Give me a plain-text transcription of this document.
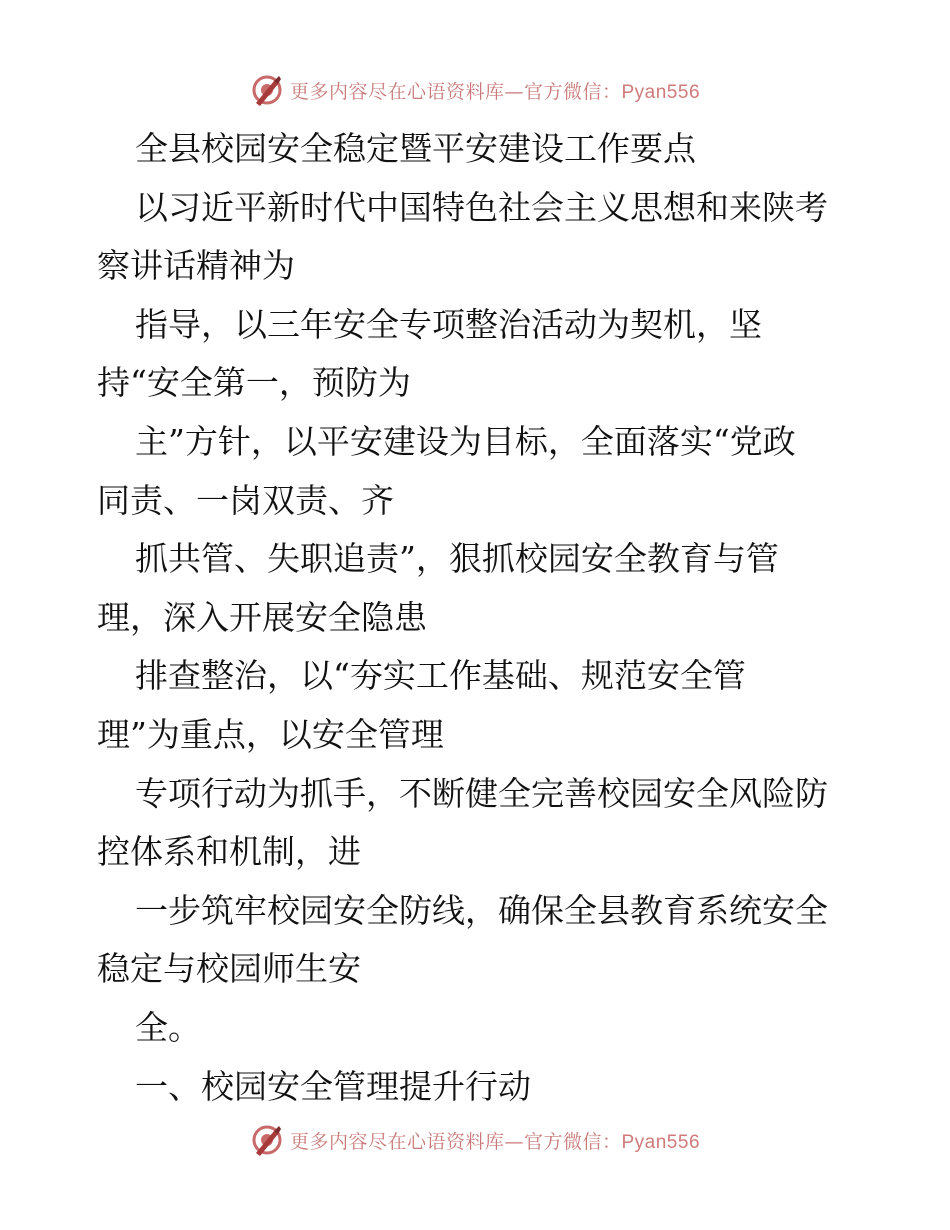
更多内容尽在心语资料库—官方微信：Pyan556
全县校园安全稳定暨平安建设工作要点
以习近平新时代中国特色社会主义思想和来陕考
察讲话精神为
指导，以三年安全专项整治活动为契机，坚
持“安全第一，预防为
主”方针，以平安建设为目标，全面落实“党政
同责、一岗双责、齐
抓共管、失职追责”，狠抓校园安全教育与管
理，深入开展安全隐患
排查整治，以“夯实工作基础、规范安全管
理”为重点，以安全管理
专项行动为抓手，不断健全完善校园安全风险防
控体系和机制，进
一步筑牢校园安全防线，确保全县教育系统安全
稳定与校园师生安
全。
一、校园安全管理提升行动
更多内容尽在心语资料库—官方微信：Pyan556
